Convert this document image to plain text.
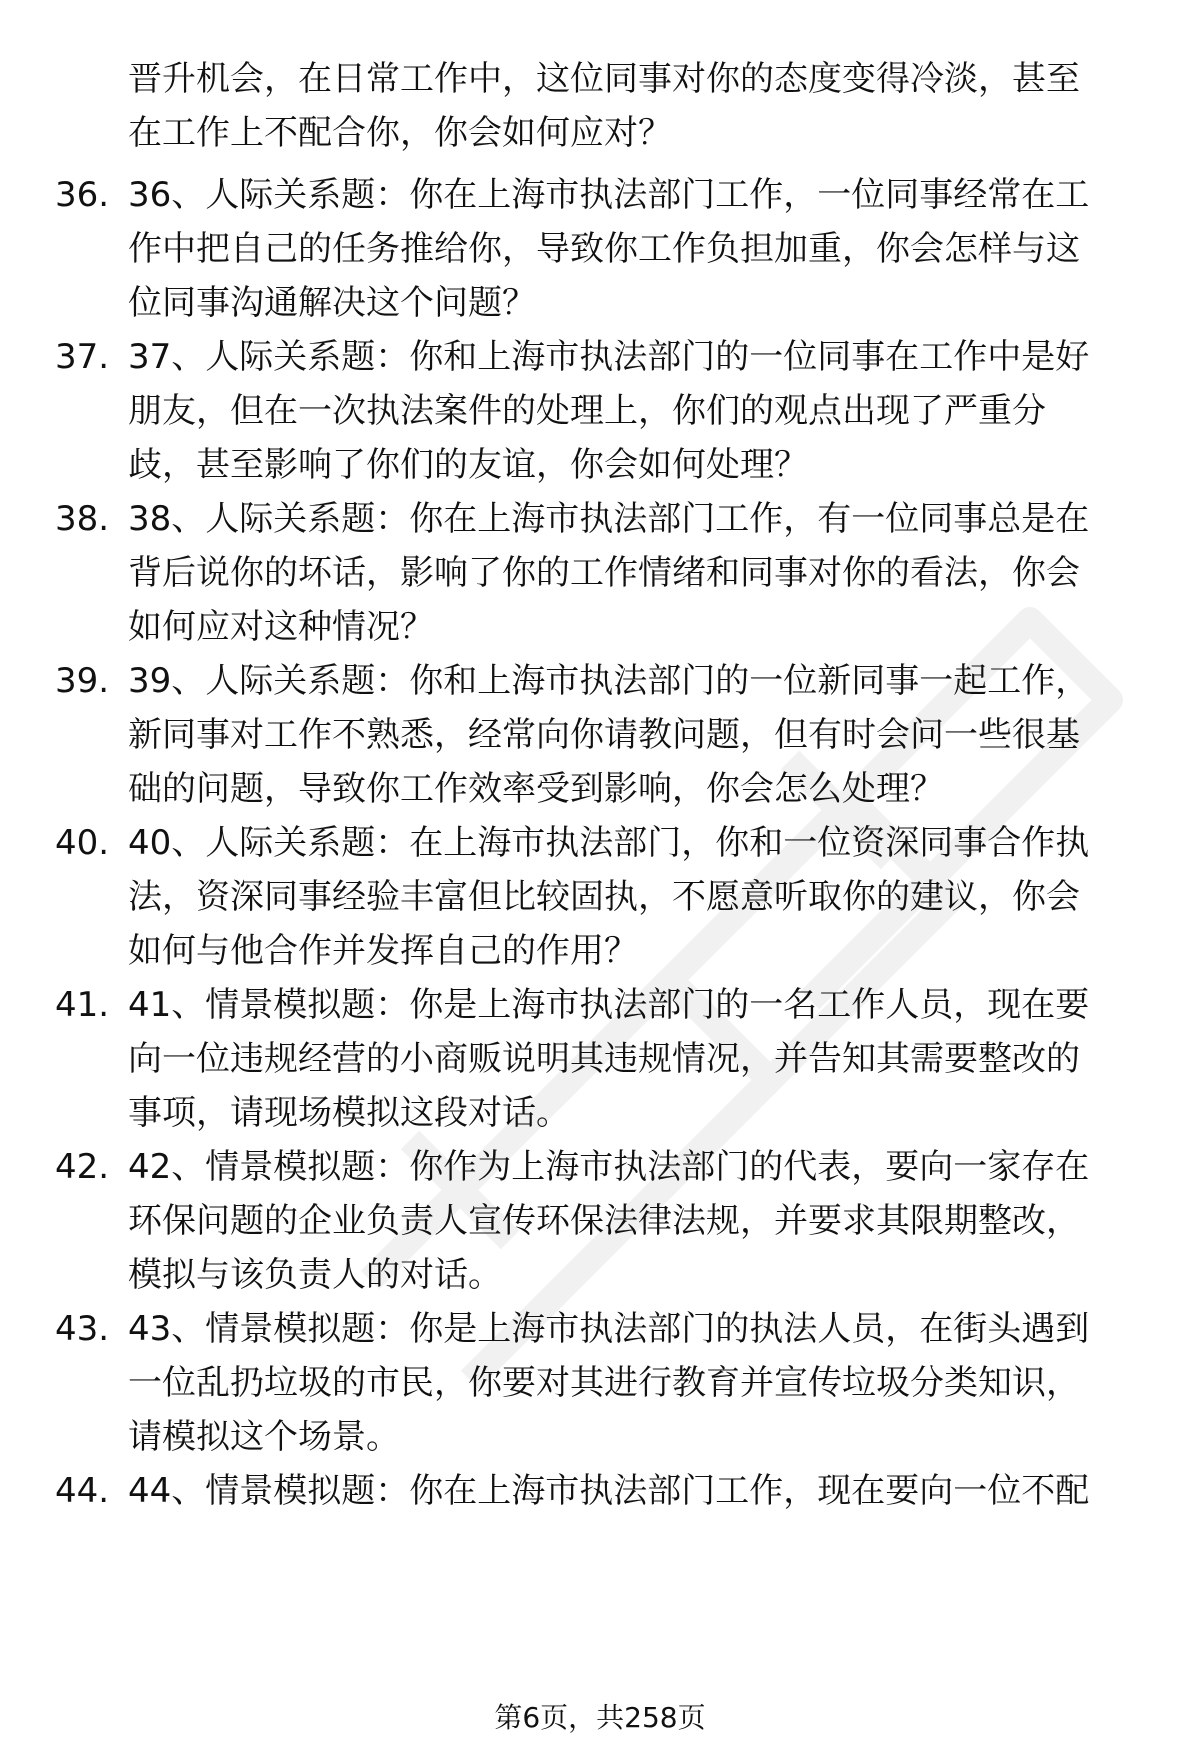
晋升机会，在日常工作中，这位同事对你的态度变得冷淡，甚至
在工作上不配合你，你会如何应对？
36. 36、人际关系题：你在上海市执法部门工作，一位同事经常在工
作中把自己的任务推给你，导致你工作负担加重，你会怎样与这
位同事沟通解决这个问题？
37. 37、人际关系题：你和上海市执法部门的一位同事在工作中是好
朋友，但在一次执法案件的处理上，你们的观点出现了严重分
歧，甚至影响了你们的友谊，你会如何处理？
38. 38、人际关系题：你在上海市执法部门工作，有一位同事总是在
背后说你的坏话，影响了你的工作情绪和同事对你的看法，你会
如何应对这种情况？
39. 39、人际关系题：你和上海市执法部门的一位新同事一起工作，
新同事对工作不熟悉，经常向你请教问题，但有时会问一些很基
础的问题，导致你工作效率受到影响，你会怎么处理？
40. 40、人际关系题：在上海市执法部门，你和一位资深同事合作执
法，资深同事经验丰富但比较固执，不愿意听取你的建议，你会
如何与他合作并发挥自己的作用？
41. 41、情景模拟题：你是上海市执法部门的一名工作人员，现在要
向一位违规经营的小商贩说明其违规情况，并告知其需要整改的
事项，请现场模拟这段对话。
42. 42、情景模拟题：你作为上海市执法部门的代表，要向一家存在
环保问题的企业负责人宣传环保法律法规，并要求其限期整改，
模拟与该负责人的对话。
43. 43、情景模拟题：你是上海市执法部门的执法人员，在街头遇到
一位乱扔垃圾的市民，你要对其进行教育并宣传垃圾分类知识，
请模拟这个场景。
44. 44、情景模拟题：你在上海市执法部门工作，现在要向一位不配
第6页，共258页
